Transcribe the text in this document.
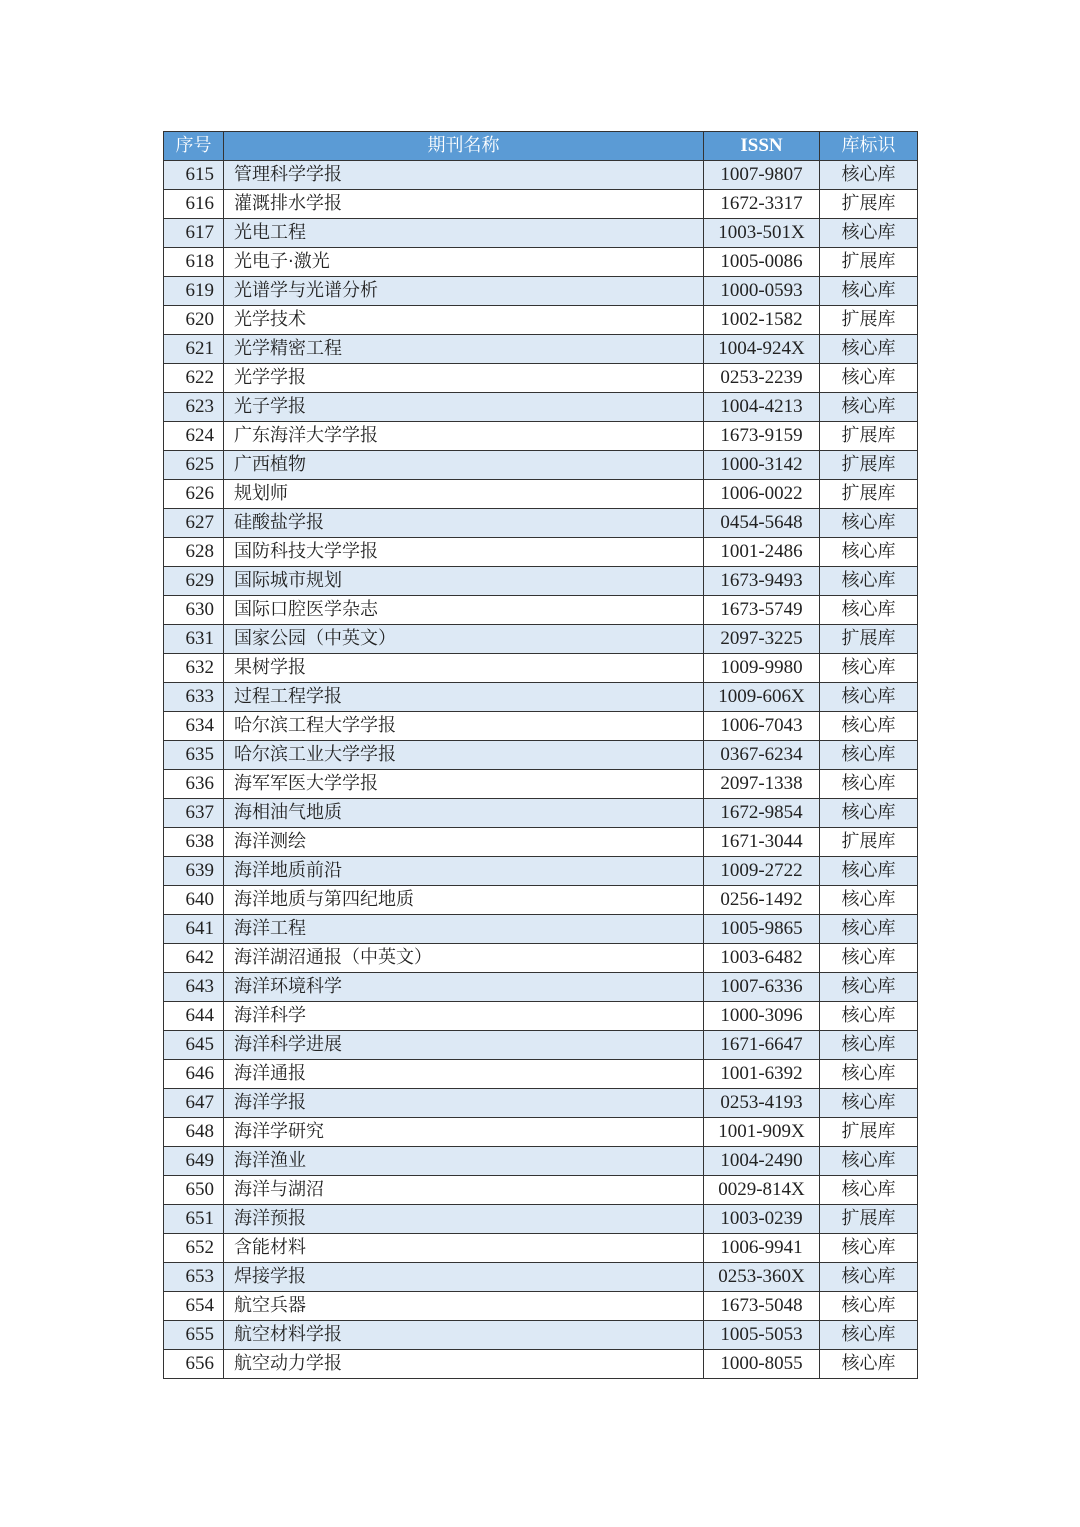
序号	期刊名称	ISSN	库标识
615	管理科学学报	1007-9807	核心库
616	灌溉排水学报	1672-3317	扩展库
617	光电工程	1003-501X	核心库
618	光电子·激光	1005-0086	扩展库
619	光谱学与光谱分析	1000-0593	核心库
620	光学技术	1002-1582	扩展库
621	光学精密工程	1004-924X	核心库
622	光学学报	0253-2239	核心库
623	光子学报	1004-4213	核心库
624	广东海洋大学学报	1673-9159	扩展库
625	广西植物	1000-3142	扩展库
626	规划师	1006-0022	扩展库
627	硅酸盐学报	0454-5648	核心库
628	国防科技大学学报	1001-2486	核心库
629	国际城市规划	1673-9493	核心库
630	国际口腔医学杂志	1673-5749	核心库
631	国家公园（中英文）	2097-3225	扩展库
632	果树学报	1009-9980	核心库
633	过程工程学报	1009-606X	核心库
634	哈尔滨工程大学学报	1006-7043	核心库
635	哈尔滨工业大学学报	0367-6234	核心库
636	海军军医大学学报	2097-1338	核心库
637	海相油气地质	1672-9854	核心库
638	海洋测绘	1671-3044	扩展库
639	海洋地质前沿	1009-2722	核心库
640	海洋地质与第四纪地质	0256-1492	核心库
641	海洋工程	1005-9865	核心库
642	海洋湖沼通报（中英文）	1003-6482	核心库
643	海洋环境科学	1007-6336	核心库
644	海洋科学	1000-3096	核心库
645	海洋科学进展	1671-6647	核心库
646	海洋通报	1001-6392	核心库
647	海洋学报	0253-4193	核心库
648	海洋学研究	1001-909X	扩展库
649	海洋渔业	1004-2490	核心库
650	海洋与湖沼	0029-814X	核心库
651	海洋预报	1003-0239	扩展库
652	含能材料	1006-9941	核心库
653	焊接学报	0253-360X	核心库
654	航空兵器	1673-5048	核心库
655	航空材料学报	1005-5053	核心库
656	航空动力学报	1000-8055	核心库
